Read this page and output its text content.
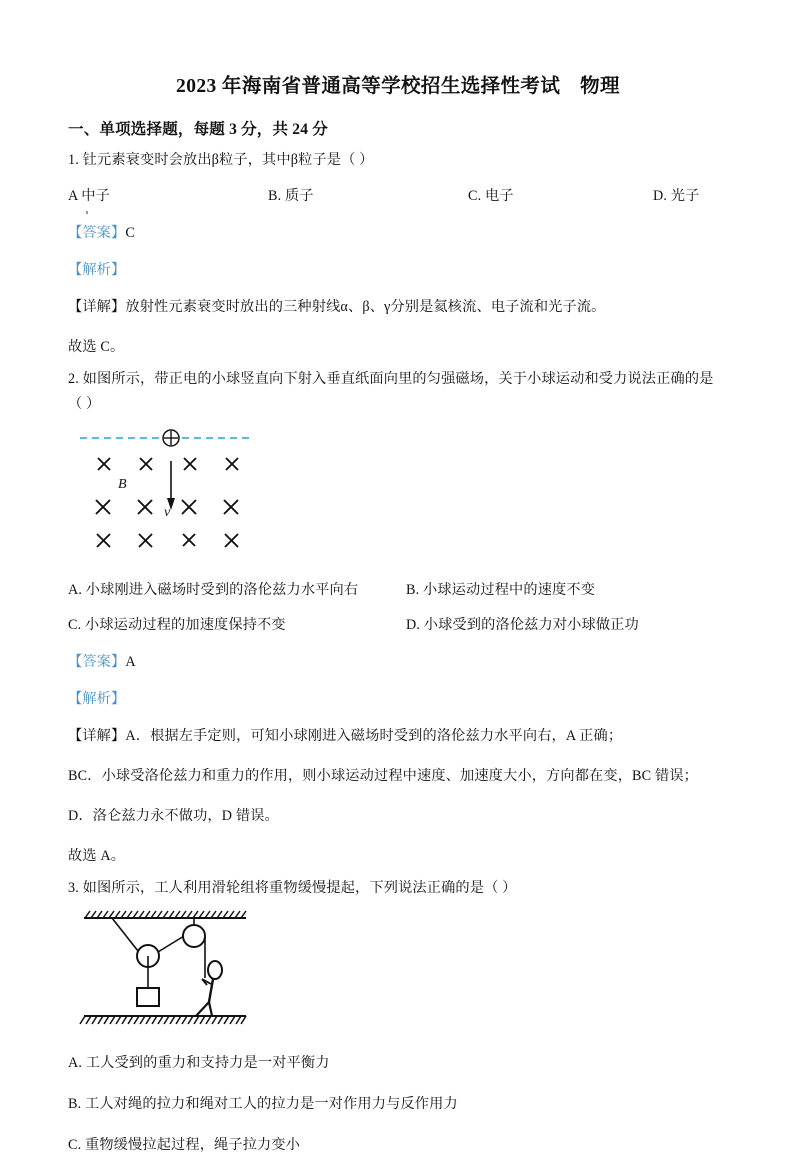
2023 年海南省普通高等学校招生选择性考试　物理
一、单项选择题，每题 3 分，共 24 分
1. 钍元素衰变时会放出β粒子，其中β粒子是（ ）
A 中子	B. 质子	C. 电子	D. 光子
【答案】C
【解析】
【详解】放射性元素衰变时放出的三种射线α、β、γ分别是氦核流、电子流和光子流。
故选 C。
2. 如图所示，带正电的小球竖直向下射入垂直纸面向里的匀强磁场，关于小球运动和受力说法正确的是
（ ）
B
v
A. 小球刚进入磁场时受到的洛伦兹力水平向右	B. 小球运动过程中的速度不变
C. 小球运动过程的加速度保持不变	D. 小球受到的洛伦兹力对小球做正功
【答案】A
【解析】
【详解】A．根据左手定则，可知小球刚进入磁场时受到的洛伦兹力水平向右，A 正确；
BC．小球受洛伦兹力和重力的作用，则小球运动过程中速度、加速度大小，方向都在变，BC 错误；
D．洛仑兹力永不做功，D 错误。
故选 A。
3. 如图所示，工人利用滑轮组将重物缓慢提起，下列说法正确的是（ ）
A. 工人受到的重力和支持力是一对平衡力
B. 工人对绳的拉力和绳对工人的拉力是一对作用力与反作用力
C. 重物缓慢拉起过程，绳子拉力变小
